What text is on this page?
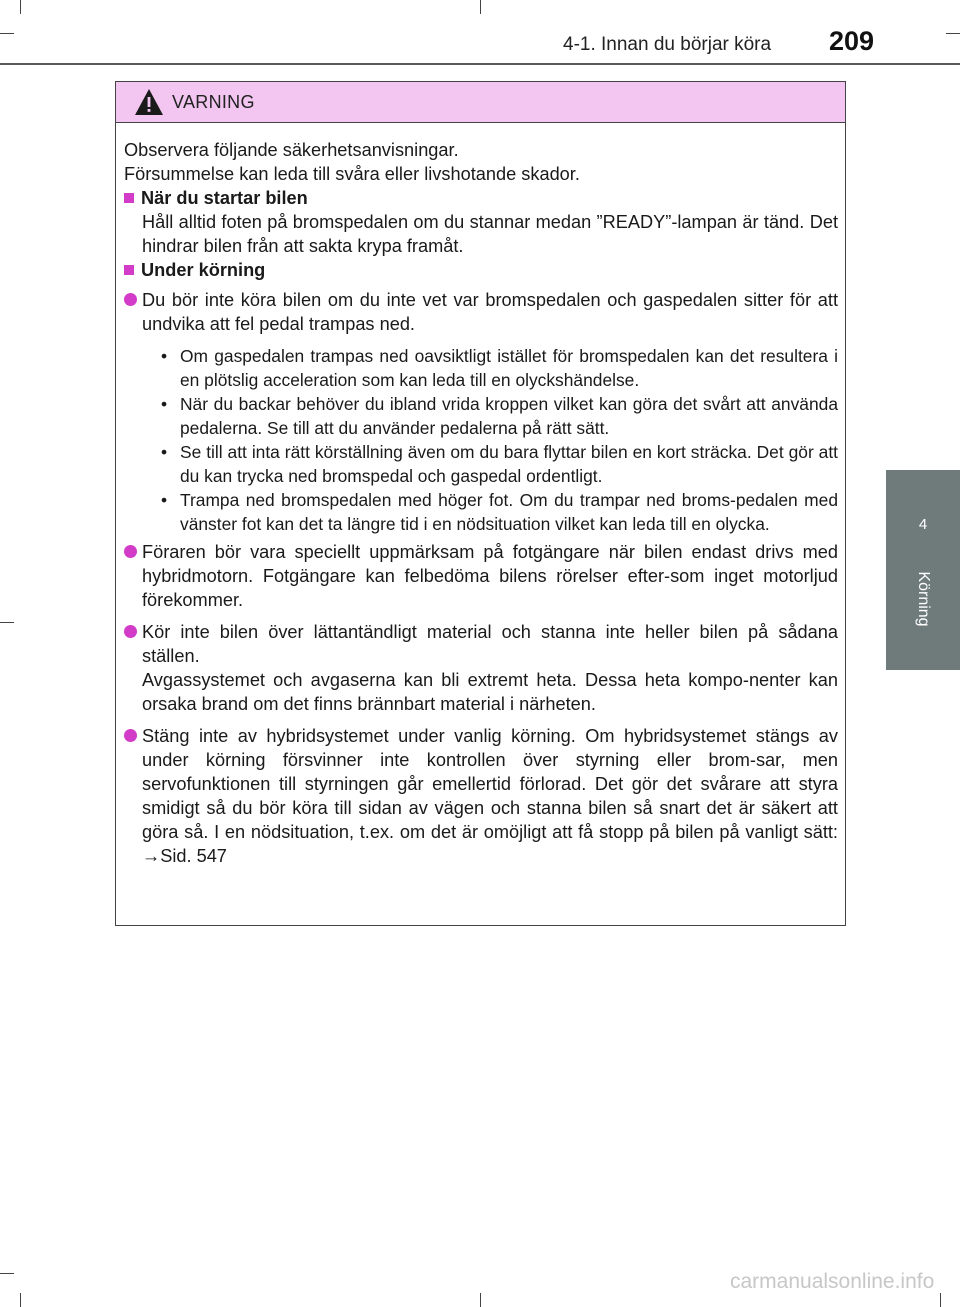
4-1. Innan du börjar köra 209
4
Körning
VARNING

Observera följande säkerhetsanvisningar.

Försummelse kan leda till svåra eller livshotande skador.

När du startar bilen

Håll alltid foten på bromspedalen om du stannar medan ”READY”-lampan är tänd. Det hindrar bilen från att sakta krypa framåt.

Under körning

Du bör inte köra bilen om du inte vet var bromspedalen och gaspedalen sitter för att undvika att fel pedal trampas ned.

• Om gaspedalen trampas ned oavsiktligt istället för bromspedalen kan det resultera i en plötslig acceleration som kan leda till en olyckshändelse.
• När du backar behöver du ibland vrida kroppen vilket kan göra det svårt att använda pedalerna. Se till att du använder pedalerna på rätt sätt.
• Se till att inta rätt körställning även om du bara flyttar bilen en kort sträcka. Det gör att du kan trycka ned bromspedal och gaspedal ordentligt.
• Trampa ned bromspedalen med höger fot. Om du trampar ned broms-pedalen med vänster fot kan det ta längre tid i en nödsituation vilket kan leda till en olycka.

Föraren bör vara speciellt uppmärksam på fotgängare när bilen endast drivs med hybridmotorn. Fotgängare kan felbedöma bilens rörelser efter-som inget motorljud förekommer.

Kör inte bilen över lättantändligt material och stanna inte heller bilen på sådana ställen.

Avgassystemet och avgaserna kan bli extremt heta. Dessa heta kompo-nenter kan orsaka brand om det finns brännbart material i närheten.

Stäng inte av hybridsystemet under vanlig körning. Om hybridsystemet stängs av under körning försvinner inte kontrollen över styrning eller brom-sar, men servofunktionen till styrningen går emellertid förlorad. Det gör det svårare att styra smidigt så du bör köra till sidan av vägen och stanna bilen så snart det är säkert att göra så. I en nödsituation, t.ex. om det är omöjligt att få stopp på bilen på vanligt sätt: →Sid. 547

carmanualsonline.info
